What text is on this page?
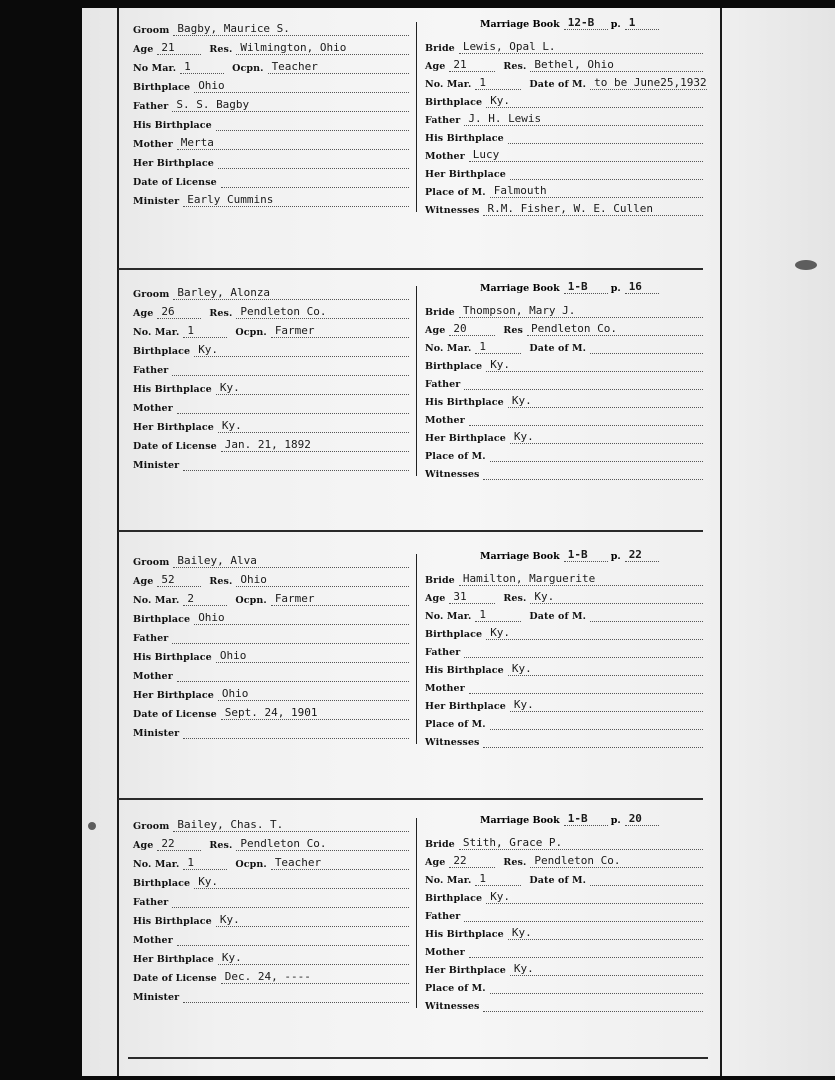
Marriage Book 12-B	p. 1
Groom Bagby, Maurice S.
Age 21	Res. Wilmington, Ohio
No Mar. 1	Ocpn. Teacher
Birthplace Ohio
Father S. S. Bagby
His Birthplace
Mother Merta
Her Birthplace
Date of License
Minister Early Cummins
Bride Lewis, Opal L.
Age 21	Res. Bethel, Ohio
No. Mar. 1	Date of M. to be June25,1932
Birthplace Ky.
Father J. H. Lewis
His Birthplace
Mother Lucy
Her Birthplace
Place of M. Falmouth
Witnesses R.M. Fisher, W. E. Cullen
Marriage Book 1-B	p. 16
Groom Barley, Alonza
Age 26	Res. Pendleton Co.
No. Mar. 1	Ocpn. Farmer
Birthplace Ky.
Father
His Birthplace Ky.
Mother
Her Birthplace Ky.
Date of License Jan. 21, 1892
Minister
Bride Thompson, Mary J.
Age 20	Res Pendleton Co.
No. Mar. 1	Date of M.
Birthplace Ky.
Father
His Birthplace Ky.
Mother
Her Birthplace Ky.
Place of M.
Witnesses
Marriage Book 1-B	p. 22
Groom Bailey, Alva
Age 52	Res. Ohio
No. Mar. 2	Ocpn. Farmer
Birthplace Ohio
Father
His Birthplace Ohio
Mother
Her Birthplace Ohio
Date of License Sept. 24, 1901
Minister
Bride Hamilton, Marguerite
Age 31	Res. Ky.
No. Mar. 1	Date of M.
Birthplace Ky.
Father
His Birthplace Ky.
Mother
Her Birthplace Ky.
Place of M.
Witnesses
Marriage Book 1-B	p. 20
Groom Bailey, Chas. T.
Age 22	Res. Pendleton Co.
No. Mar. 1	Ocpn. Teacher
Birthplace Ky.
Father
His Birthplace Ky.
Mother
Her Birthplace Ky.
Date of License Dec. 24, ----
Minister
Bride Stith, Grace P.
Age 22	Res. Pendleton Co.
No. Mar. 1	Date of M.
Birthplace Ky.
Father
His Birthplace Ky.
Mother
Her Birthplace Ky.
Place of M.
Witnesses
